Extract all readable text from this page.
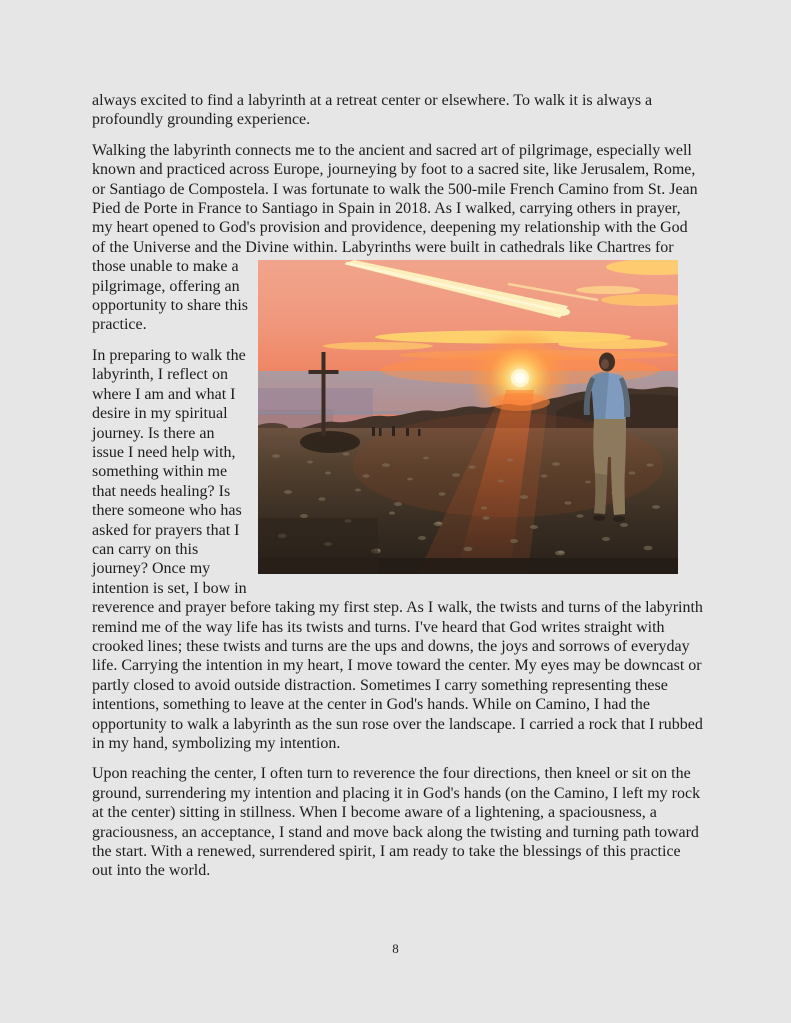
always excited to find a labyrinth at a retreat center or elsewhere. To walk it is always a profoundly grounding experience.

Walking the labyrinth connects me to the ancient and sacred art of pilgrimage, especially well known and practiced across Europe, journeying by foot to a sacred site, like Jerusalem, Rome, or Santiago de Compostela. I was fortunate to walk the 500-mile French Camino from St. Jean Pied de Porte in France to Santiago in Spain in 2018. As I walked, carrying others in prayer, my heart opened to God's provision and providence, deepening my relationship with the God of the Universe and the Divine within. Labyrinths were built in cathedrals like Chartres for those unable to make a pilgrimage, offering an opportunity to share this practice.

In preparing to walk the labyrinth, I reflect on where I am and what I desire in my spiritual journey. Is there an issue I need help with, something within me that needs healing? Is there someone who has asked for prayers that I can carry on this journey? Once my intention is set, I bow in reverence and prayer before taking my first step. As I walk, the twists and turns of the labyrinth remind me of the way life has its twists and turns. I've heard that God writes straight with crooked lines; these twists and turns are the ups and downs, the joys and sorrows of everyday life. Carrying the intention in my heart, I move toward the center. My eyes may be downcast or partly closed to avoid outside distraction. Sometimes I carry something representing these intentions, something to leave at the center in God's hands. While on Camino, I had the opportunity to walk a labyrinth as the sun rose over the landscape. I carried a rock that I rubbed in my hand, symbolizing my intention.

Upon reaching the center, I often turn to reverence the four directions, then kneel or sit on the ground, surrendering my intention and placing it in God's hands (on the Camino, I left my rock at the center) sitting in stillness. When I become aware of a lightening, a spaciousness, a graciousness, an acceptance, I stand and move back along the twisting and turning path toward the start. With a renewed, surrendered spirit, I am ready to take the blessings of this practice out into the world.

8
